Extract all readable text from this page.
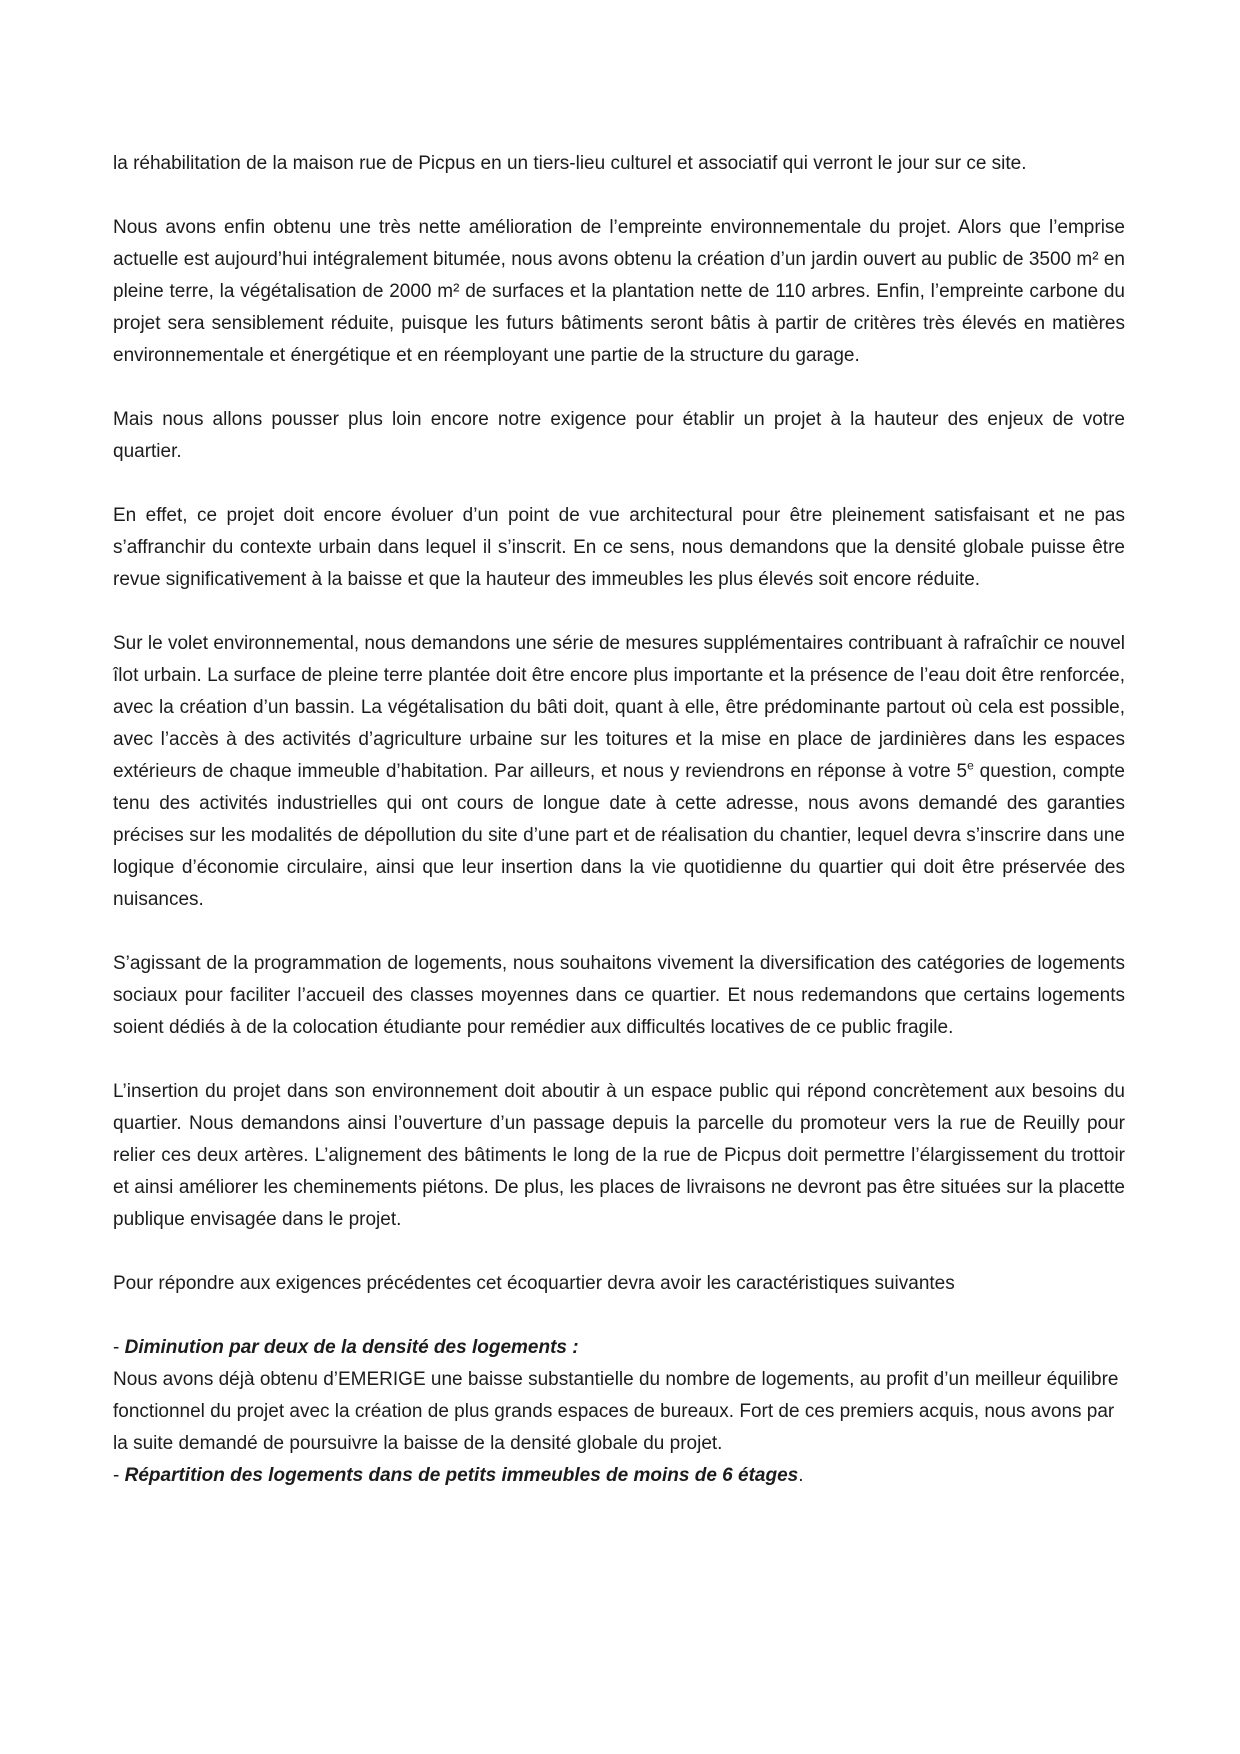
la réhabilitation de la maison rue de Picpus en un tiers-lieu culturel et associatif qui verront le jour sur ce site.

Nous avons enfin obtenu une très nette amélioration de l’empreinte environnementale du projet. Alors que l’emprise actuelle est aujourd’hui intégralement bitumée, nous avons obtenu la création d’un jardin ouvert au public de 3500 m² en pleine terre, la végétalisation de 2000 m² de surfaces et la plantation nette de 110 arbres. Enfin, l’empreinte carbone du projet sera sensiblement réduite, puisque les futurs bâtiments seront bâtis à partir de critères très élevés en matières environnementale et énergétique et en réemployant une partie de la structure du garage.

Mais nous allons pousser plus loin encore notre exigence pour établir un projet à la hauteur des enjeux de votre quartier.

En effet, ce projet doit encore évoluer d’un point de vue architectural pour être pleinement satisfaisant et ne pas s’affranchir du contexte urbain dans lequel il s’inscrit. En ce sens, nous demandons que la densité globale puisse être revue significativement à la baisse et que la hauteur des immeubles les plus élevés soit encore réduite.

Sur le volet environnemental, nous demandons une série de mesures supplémentaires contribuant à rafraîchir ce nouvel îlot urbain. La surface de pleine terre plantée doit être encore plus importante et la présence de l’eau doit être renforcée, avec la création d’un bassin. La végétalisation du bâti doit, quant à elle, être prédominante partout où cela est possible, avec l’accès à des activités d’agriculture urbaine sur les toitures et la mise en place de jardinières dans les espaces extérieurs de chaque immeuble d’habitation. Par ailleurs, et nous y reviendrons en réponse à votre 5e question, compte tenu des activités industrielles qui ont cours de longue date à cette adresse, nous avons demandé des garanties précises sur les modalités de dépollution du site d’une part et de réalisation du chantier, lequel devra s’inscrire dans une logique d’économie circulaire, ainsi que leur insertion dans la vie quotidienne du quartier qui doit être préservée des nuisances.

S’agissant de la programmation de logements, nous souhaitons vivement la diversification des catégories de logements sociaux pour faciliter l’accueil des classes moyennes dans ce quartier. Et nous redemandons que certains logements soient dédiés à de la colocation étudiante pour remédier aux difficultés locatives de ce public fragile.

L’insertion du projet dans son environnement doit aboutir à un espace public qui répond concrètement aux besoins du quartier. Nous demandons ainsi l’ouverture d’un passage depuis la parcelle du promoteur vers la rue de Reuilly pour relier ces deux artères. L’alignement des bâtiments le long de la rue de Picpus doit permettre l’élargissement du trottoir et ainsi améliorer les cheminements piétons. De plus, les places de livraisons ne devront pas être situées sur la placette publique envisagée dans le projet.

Pour répondre aux exigences précédentes cet écoquartier devra avoir les caractéristiques suivantes

- Diminution par deux de la densité des logements :

Nous avons déjà obtenu d’EMERIGE une baisse substantielle du nombre de logements, au profit d’un meilleur équilibre fonctionnel du projet avec la création de plus grands espaces de bureaux. Fort de ces premiers acquis, nous avons par la suite demandé de poursuivre la baisse de la densité globale du projet.

- Répartition des logements dans de petits immeubles de moins de 6 étages.
